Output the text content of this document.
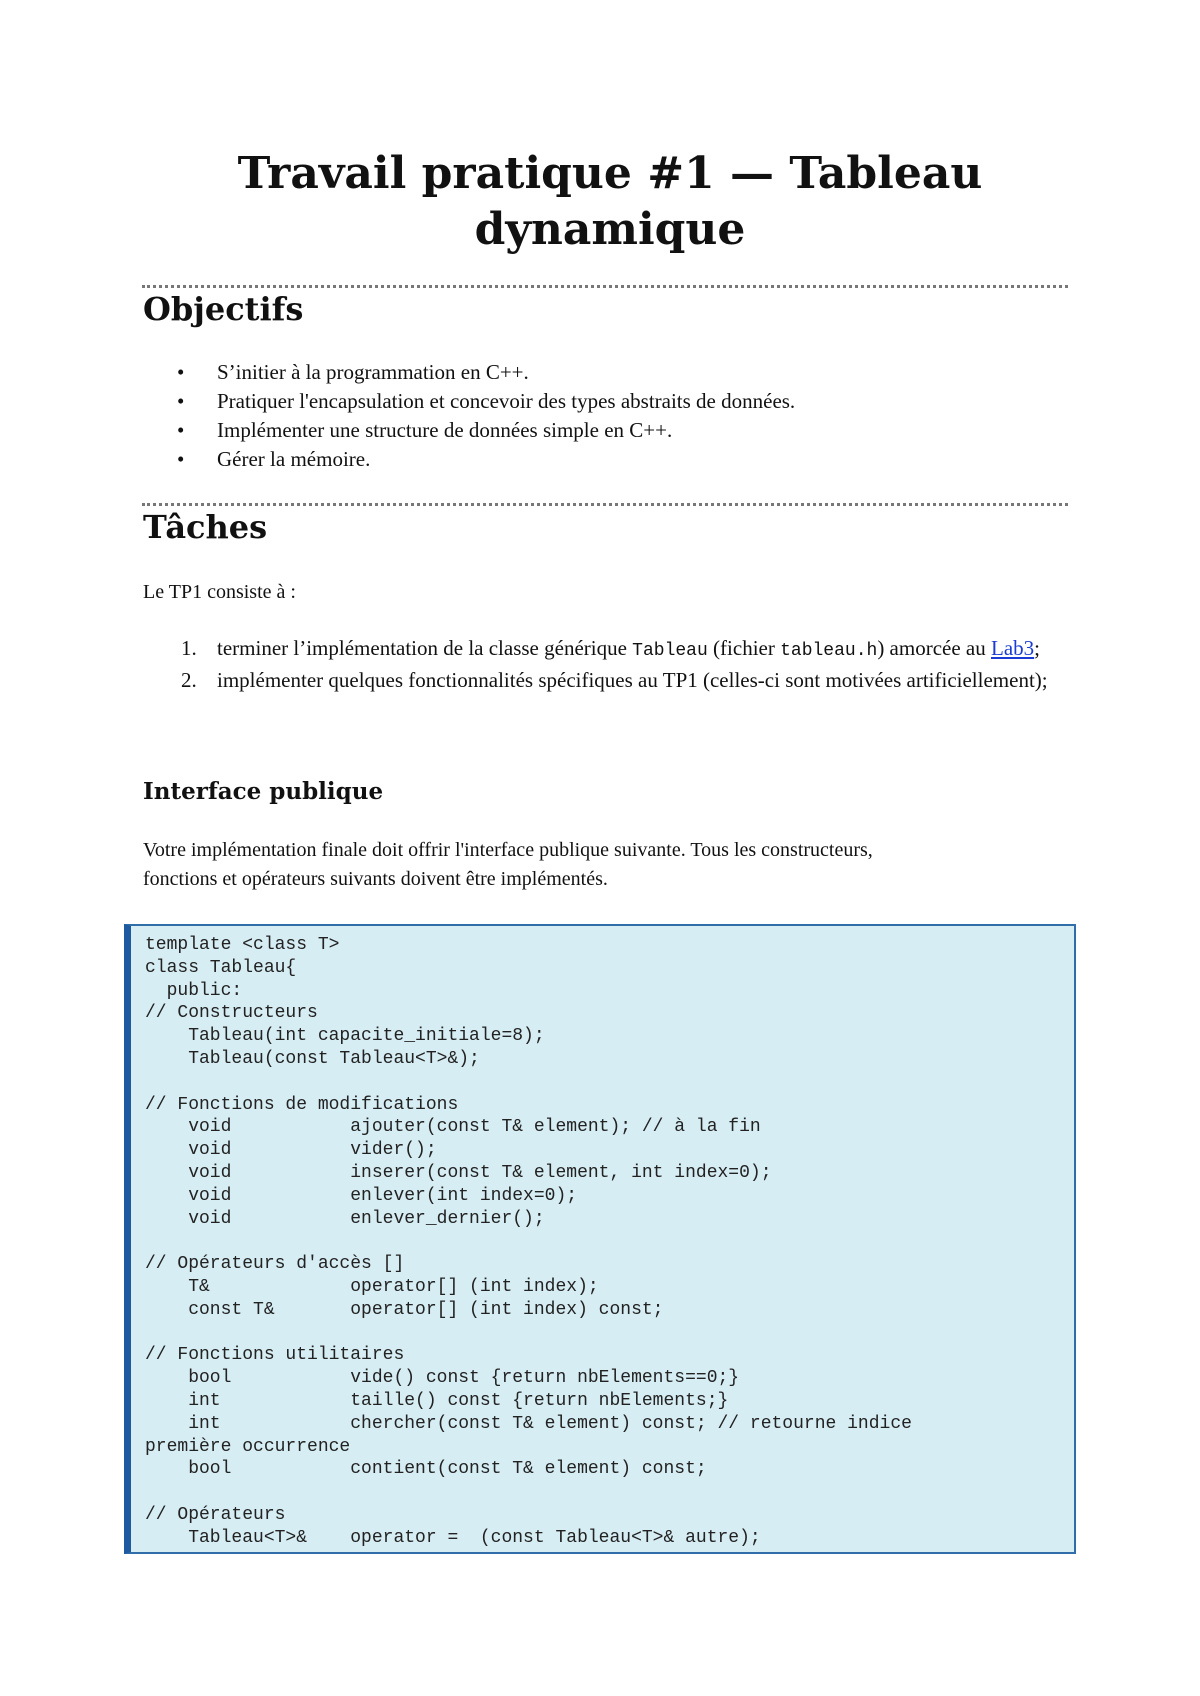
Travail pratique #1 — Tableau dynamique
Objectifs
• S’initier à la programmation en C++.
• Pratiquer l'encapsulation et concevoir des types abstraits de données.
• Implémenter une structure de données simple en C++.
• Gérer la mémoire.
Tâches
Le TP1 consiste à :
1. terminer l’implémentation de la classe générique Tableau (fichier tableau.h) amorcée au Lab3;
2. implémenter quelques fonctionnalités spécifiques au TP1 (celles-ci sont motivées artificiellement);
Interface publique
Votre implémentation finale doit offrir l'interface publique suivante. Tous les constructeurs, fonctions et opérateurs suivants doivent être implémentés.
template <class T>
class Tableau{
public:
// Constructeurs
Tableau(int capacite_initiale=8);
Tableau(const Tableau<T>&);

// Fonctions de modifications
void           ajouter(const T& element); // à la fin
void           vider();
void           inserer(const T& element, int index=0);
void           enlever(int index=0);
void           enlever_dernier();

// Opérateurs d'accès []
T&             operator[] (int index);
const T&       operator[] (int index) const;

// Fonctions utilitaires
bool           vide() const {return nbElements==0;}
int            taille() const {return nbElements;}
int            chercher(const T& element) const; // retourne indice
première occurrence
bool           contient(const T& element) const;

// Opérateurs
Tableau<T>&    operator =  (const Tableau<T>& autre);
